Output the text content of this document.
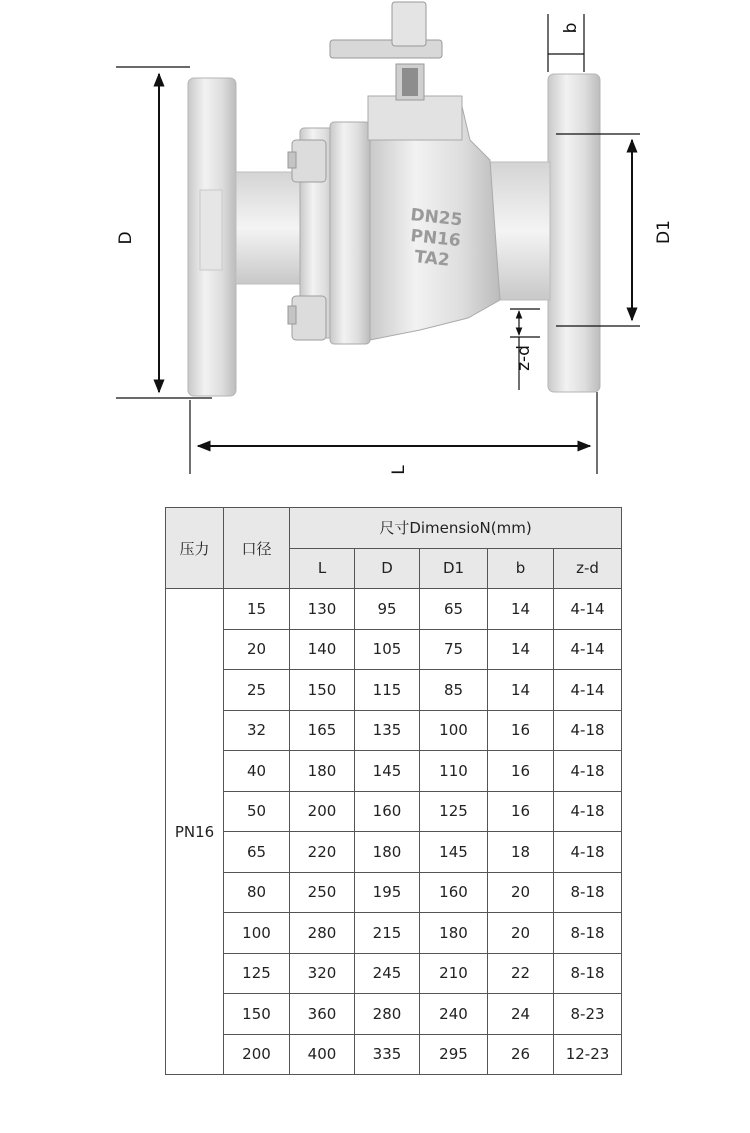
DN25
PN16
TA2
D	D1
b
z-d
L
压力	口径	尺寸DimensioN(mm)				
		L	D	D1	b	z-d
PN16	15	130	95	65	14	4-14
	20	140	105	75	14	4-14
	25	150	115	85	14	4-14
	32	165	135	100	16	4-18
	40	180	145	110	16	4-18
	50	200	160	125	16	4-18
	65	220	180	145	18	4-18
	80	250	195	160	20	8-18
	100	280	215	180	20	8-18
	125	320	245	210	22	8-18
	150	360	280	240	24	8-23
	200	400	335	295	26	12-23
